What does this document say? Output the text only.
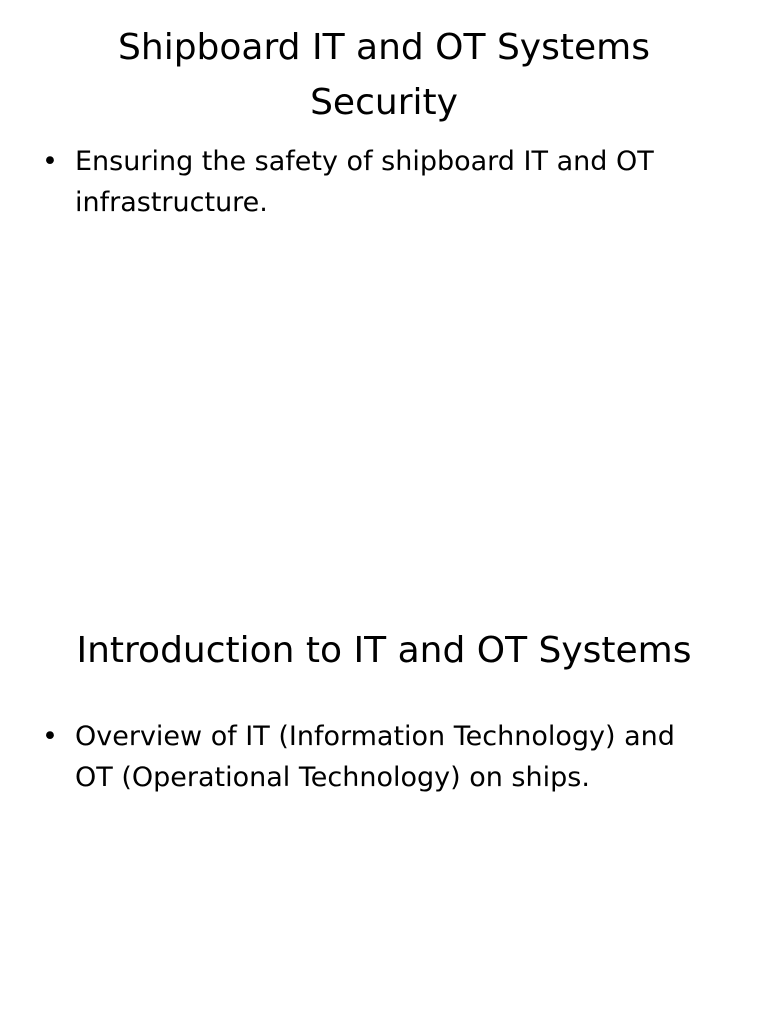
Shipboard IT and OT Systems Security
• Ensuring the safety of shipboard IT and OT infrastructure.
Introduction to IT and OT Systems
• Overview of IT (Information Technology) and OT (Operational Technology) on ships.
